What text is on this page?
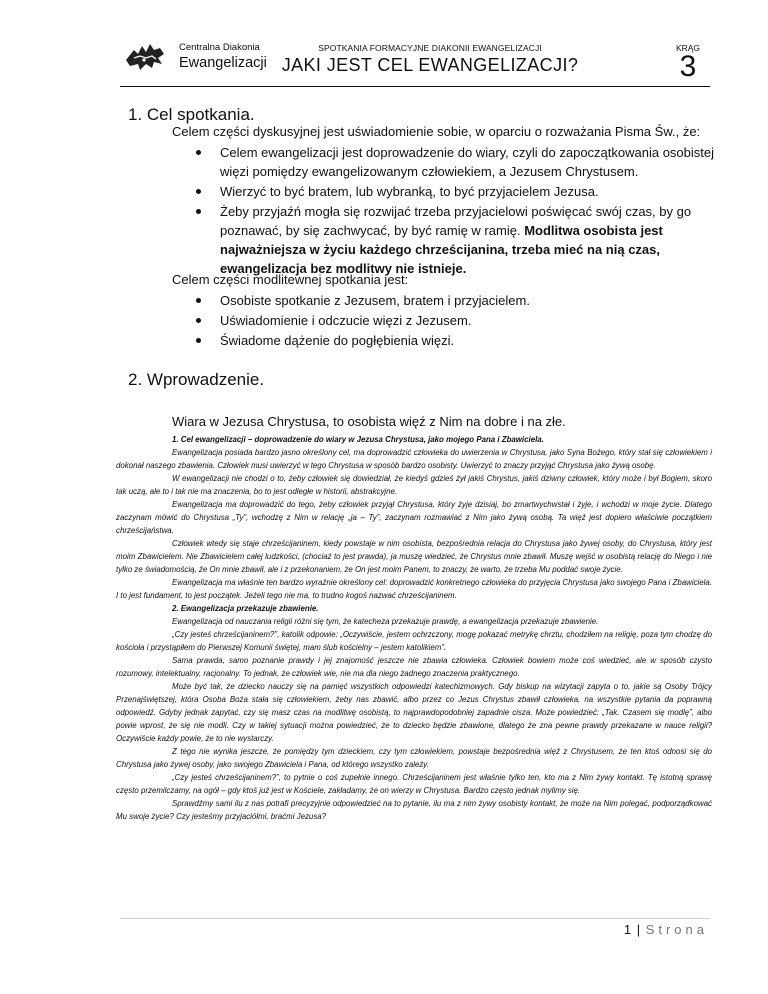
Centralna Diakonia
Ewangelizacji
SPOTKANIA FORMACYJNE DIAKONII EWANGELIZACJI
JAKI JEST CEL EWANGELIZACJI?
KRĄG
3
1. Cel spotkania.
Celem części dyskusyjnej jest uświadomienie sobie, w oparciu o rozważania Pisma Św., że:
Celem ewangelizacji jest doprowadzenie do wiary, czyli do zapoczątkowania osobistej więzi pomiędzy ewangelizowanym człowiekiem, a Jezusem Chrystusem.
Wierzyć to być bratem, lub wybranką, to być przyjacielem Jezusa.
Żeby przyjaźń mogła się rozwijać trzeba przyjacielowi poświęcać swój czas, by go poznawać, by się zachwycać, by być ramię w ramię. Modlitwa osobista jest najważniejsza w życiu każdego chrześcijanina, trzeba mieć na nią czas, ewangelizacja bez modlitwy nie istnieje.
Celem części modlitewnej spotkania jest:
Osobiste spotkanie z Jezusem, bratem i przyjacielem.
Uświadomienie i odczucie więzi z Jezusem.
Świadome dążenie do pogłębienia więzi.
2. Wprowadzenie.
Wiara w Jezusa Chrystusa, to osobista więź z Nim na dobre i na złe.

1. Cel ewangelizacji – doprowadzenie do wiary w Jezusa Chrystusa, jako mojego Pana i Zbawiciela.

Ewangelizacja posiada bardzo jasno określony cel, ma doprowadzić człowieka do uwierzenia w Chrystusa, jako Syna Bożego, który stał się człowiekiem i dokonał naszego zbawienia. Człowiek musi uwierzyć w tego Chrystusa w sposób bardzo osobisty. Uwierzyć to znaczy przyjąć Chrystusa jako żywą osobę.

W ewangelizacji nie chodzi o to, żeby człowiek się dowiedział, że kiedyś gdzieś żył jakiś Chrystus, jakiś dziwny człowiek, który może i był Bogiem, skoro tak uczą, ale to i tak nie ma znaczenia, bo to jest odległe w historii, abstrakcyjne.

Ewangelizacja ma doprowadzić do tego, żeby człowiek przyjął Chrystusa, który żyje dzisiaj, bo zmartwychwstał i żyje, i wchodzi w moje życie. Dlatego zaczynam mówić do Chrystusa „Ty”, wchodzę z Nim w relację „ja – Ty”, zaczynam rozmawiać z Nim jako żywą osobą. Ta więź jest dopiero właściwie początkiem chrześcijaństwa.

Człowiek wtedy się staje chrześcijaninem, kiedy powstaje w nim osobista, bezpośrednia relacja do Chrystusa jako żywej osoby, do Chrystusa, który jest moim Zbawicielem. Nie Zbawicielem całej ludzkości, (chociaż to jest prawda), ja muszę wiedzieć, że Chrystus mnie zbawił. Muszę wejść w osobistą relację do Niego i nie tylko ze świadomością, że On mnie zbawił, ale i z przekonaniem, że On jest moim Panem, to znaczy, że warto, że trzeba Mu poddać swoje życie.

Ewangelizacja ma właśnie ten bardzo wyraźnie określony cel: doprowadzić konkretnego człowieka do przyjęcia Chrystusa jako swojego Pana i Zbawiciela. I to jest fundament, to jest początek. Jeżeli tego nie ma, to trudno kogoś nazwać chrześcijaninem.

2. Ewangelizacja przekazuje zbawienie.

Ewangelizacja od nauczania religii różni się tym, że katecheza przekazuje prawdę, a ewangelizacja przekazuje zbawienie.

„Czy jesteś chrześcijaninem?”, katolik odpowie: „Oczywiście, jestem ochrzczony, mogę pokazać metrykę chrztu, chodziłem na religię, poza tym chodzę do kościoła i przystąpiłem do Pierwszej Komunii świętej, mam ślub kościelny – jestem katolikiem”.

Sama prawda, samo poznanie prawdy i jej znajomość jeszcze nie zbawia człowieka. Człowiek bowiem może coś wiedzieć, ale w sposób czysto rozumowy, intelektualny, racjonalny. To jednak, że człowiek wie, nie ma dla niego żadnego znaczenia praktycznego.

Może być tak, że dziecko nauczy się na pamięć wszystkich odpowiedzi katechizmowych. Gdy biskup na wizytacji zapyta o to, jakie są Osoby Trójcy Przenajświętszej, która Osoba Boża stała się człowiekiem, żeby nas zbawić, albo przez co Jezus Chrystus zbawił człowieka, na wszystkie pytania da poprawną odpowiedź. Gdyby jednak zapytać, czy się masz czas na modlitwę osobistą, to najprawdopodobniej zapadnie cisza. Może powiedzieć: „Tak. Czasem się modlę”, albo powie wprost, że się nie modli. Czy w takiej sytuacji można powiedzieć, że to dziecko będzie zbawione, dlatego że zna pewne prawdy przekazane w nauce religii? Oczywiście każdy powie, że to nie wystarczy.

Z tego nie wynika jeszcze, że pomiędzy tym dzieckiem, czy tym człowiekiem, powstaje bezpośrednia więź z Chrystusem, że ten ktoś odnosi się do Chrystusa jako żywej osoby, jako swojego Zbawiciela i Pana, od którego wszystko zależy.

„Czy jesteś chrześcijaninem?”, to pytnie o coś zupełnie innego. Chrześcijaninem jest właśnie tylko ten, kto ma z Nim żywy kontakt. Tę istotną sprawę często przemilczamy, na ogół – gdy ktoś już jest w Kościele, zakładamy, że on wierzy w Chrystusa. Bardzo często jednak mylimy się.

Sprawdźmy sami ilu z nas potrafi precyzyjnie odpowiedzieć na to pytanie, ilu ma z nim żywy osobisty kontakt, że może na Nim polegać, podporządkować Mu swoje życie? Czy jesteśmy przyjaciółmi, braćmi Jezusa?

1 | Strona
